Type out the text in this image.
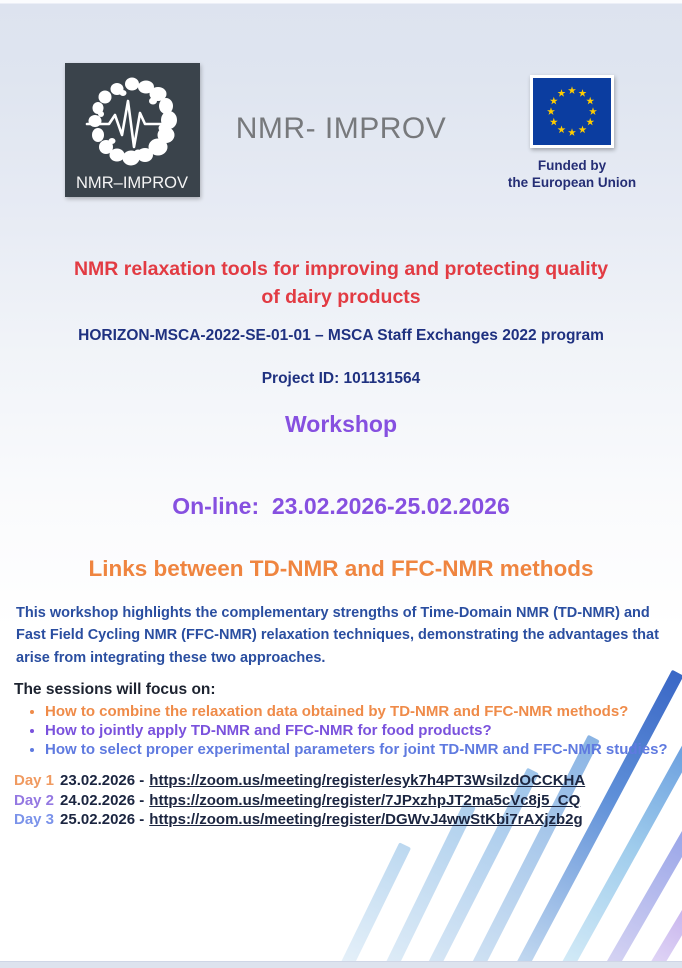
NMR–IMPROV
NMR- IMPROV
Funded by
the European Union
NMR relaxation tools for improving and protecting quality
of dairy products
HORIZON-MSCA-2022-SE-01-01 – MSCA Staff Exchanges 2022 program
Project ID: 101131564
Workshop
On-line:  23.02.2026-25.02.2026
Links between TD-NMR and FFC-NMR methods
This workshop highlights the complementary strengths of Time-Domain NMR (TD-NMR) and Fast Field Cycling NMR (FFC-NMR) relaxation techniques, demonstrating the advantages that arise from integrating these two approaches.
The sessions will focus on:
• How to combine the relaxation data obtained by TD-NMR and FFC-NMR methods?
• How to jointly apply TD-NMR and FFC-NMR for food products?
• How to select proper experimental parameters for joint TD-NMR and FFC-NMR studies?
Day 1 23.02.2026 - https://zoom.us/meeting/register/esyk7h4PT3WsilzdOCCKHA
Day 2 24.02.2026 - https://zoom.us/meeting/register/7JPxzhpJT2ma5cVc8j5_CQ
Day 3 25.02.2026 - https://zoom.us/meeting/register/DGWvJ4wwStKbi7rAXjzb2g
